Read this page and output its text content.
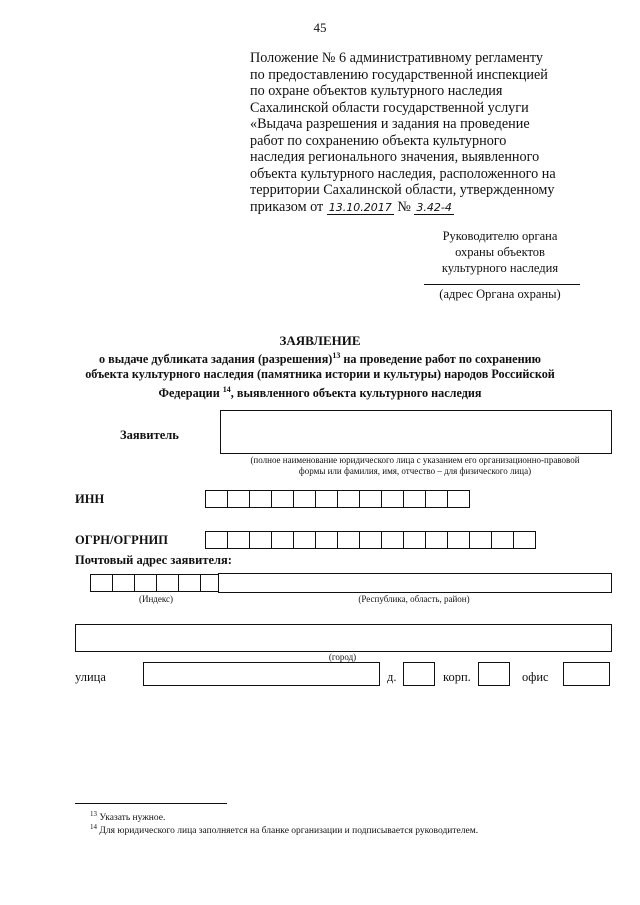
45
Положение № 6 административному регламенту
по предоставлению государственной инспекцией
по охране объектов культурного наследия
Сахалинской области государственной услуги
«Выдача разрешения и задания на проведение
работ по сохранению объекта культурного
наследия регионального значения, выявленного
объекта культурного наследия, расположенного на
территории Сахалинской области, утвержденному
приказом от 13.10.2017 № 3.42-4
Руководителю органа
охраны объектов
культурного наследия
(адрес Органа охраны)
ЗАЯВЛЕНИЕ
о выдаче дубликата задания (разрешения)$^{13}$ на проведение работ по сохранению
объекта культурного наследия (памятника истории и культуры) народов Российской
Федерации $^{14}$, выявленного объекта культурного наследия
Заявитель
(полное наименование юридического лица с указанием его организационно-правовой
формы или фамилия, имя, отчество – для физического лица)
ИНН
ОГРН/ОГРНИП
Почтовый адрес заявителя:
(Индекс)	(Республика, область, район)
(город)
улица	д.	корп.	офис
$^{13}$ Указать нужное.
$^{14}$ Для юридического лица заполняется на бланке организации и подписывается руководителем.
